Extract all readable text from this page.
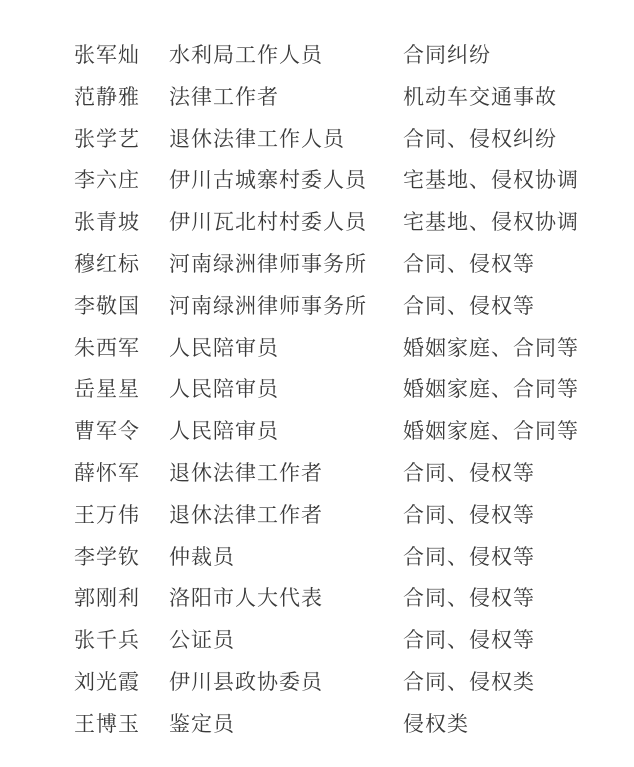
张军灿 水利局工作人员	合同纠纷
范静雅 法律工作者	机动车交通事故
张学艺 退休法律工作人员	合同、侵权纠纷
李六庄 伊川古城寨村委人员 宅基地、侵权协调
张青坡 伊川瓦北村村委人员 宅基地、侵权协调
穆红标 河南绿洲律师事务所 合同、侵权等
李敬国 河南绿洲律师事务所 合同、侵权等
朱西军 人民陪审员	婚姻家庭、合同等
岳星星 人民陪审员	婚姻家庭、合同等
曹军令 人民陪审员	婚姻家庭、合同等
薛怀军 退休法律工作者	合同、侵权等
王万伟 退休法律工作者	合同、侵权等
李学钦 仲裁员	合同、侵权等
郭刚利 洛阳市人大代表	合同、侵权等
张千兵 公证员	合同、侵权等
刘光霞 伊川县政协委员	合同、侵权类
王博玉 鉴定员	侵权类
